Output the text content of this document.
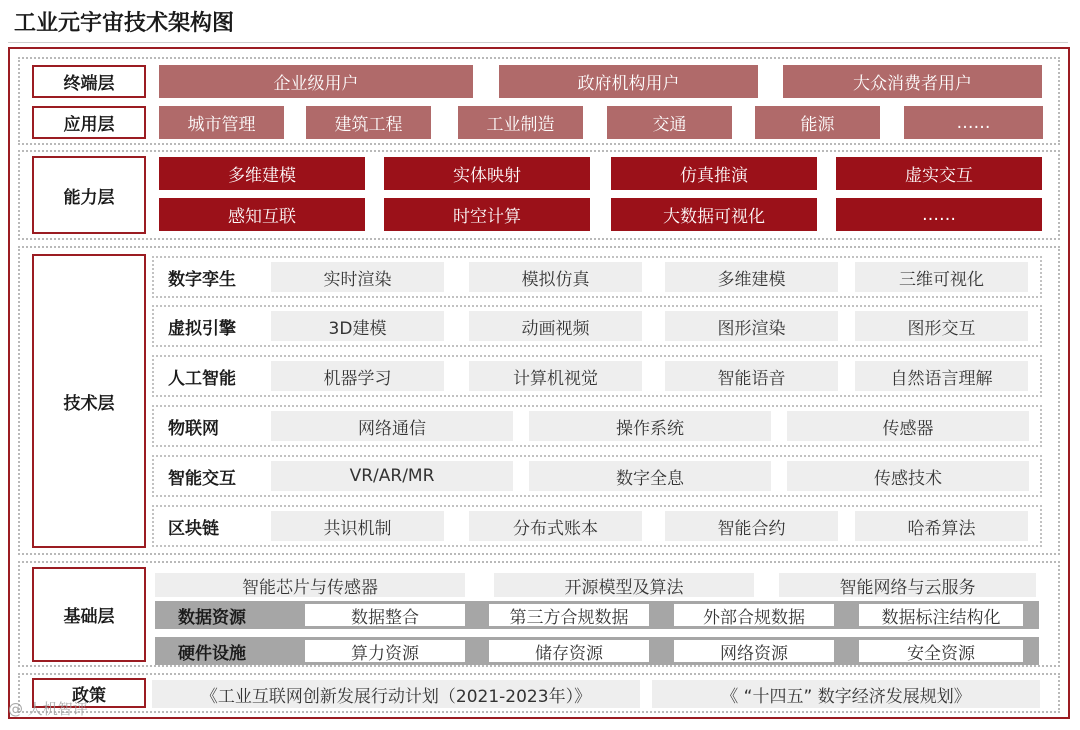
工业元宇宙技术架构图
终端层	企业级用户	政府机构用户	大众消费者用户
应用层	城市管理	建筑工程	工业制造	交通	能源	……
能力层
多维建模	实体映射	仿真推演	虚实交互
感知互联	时空计算	大数据可视化	……
技术层
数字孪生	实时渲染	模拟仿真	多维建模	三维可视化
虚拟引擎	3D建模	动画视频	图形渲染	图形交互
人工智能	机器学习	计算机视觉	智能语音	自然语言理解
物联网	网络通信	操作系统	传感器
智能交互	VR/AR/MR	数字全息	传感技术
区块链	共识机制	分布式账本	智能合约	哈希算法
基础层
智能芯片与传感器	开源模型及算法	智能网络与云服务
数据资源	数据整合	第三方合规数据	外部合规数据	数据标注结构化
硬件设施	算力资源	储存资源	网络资源	安全资源
政策	《工业互联网创新发展行动计划（2021-2023年）》	《 “十四五” 数字经济发展规划》
@ 人机智评
